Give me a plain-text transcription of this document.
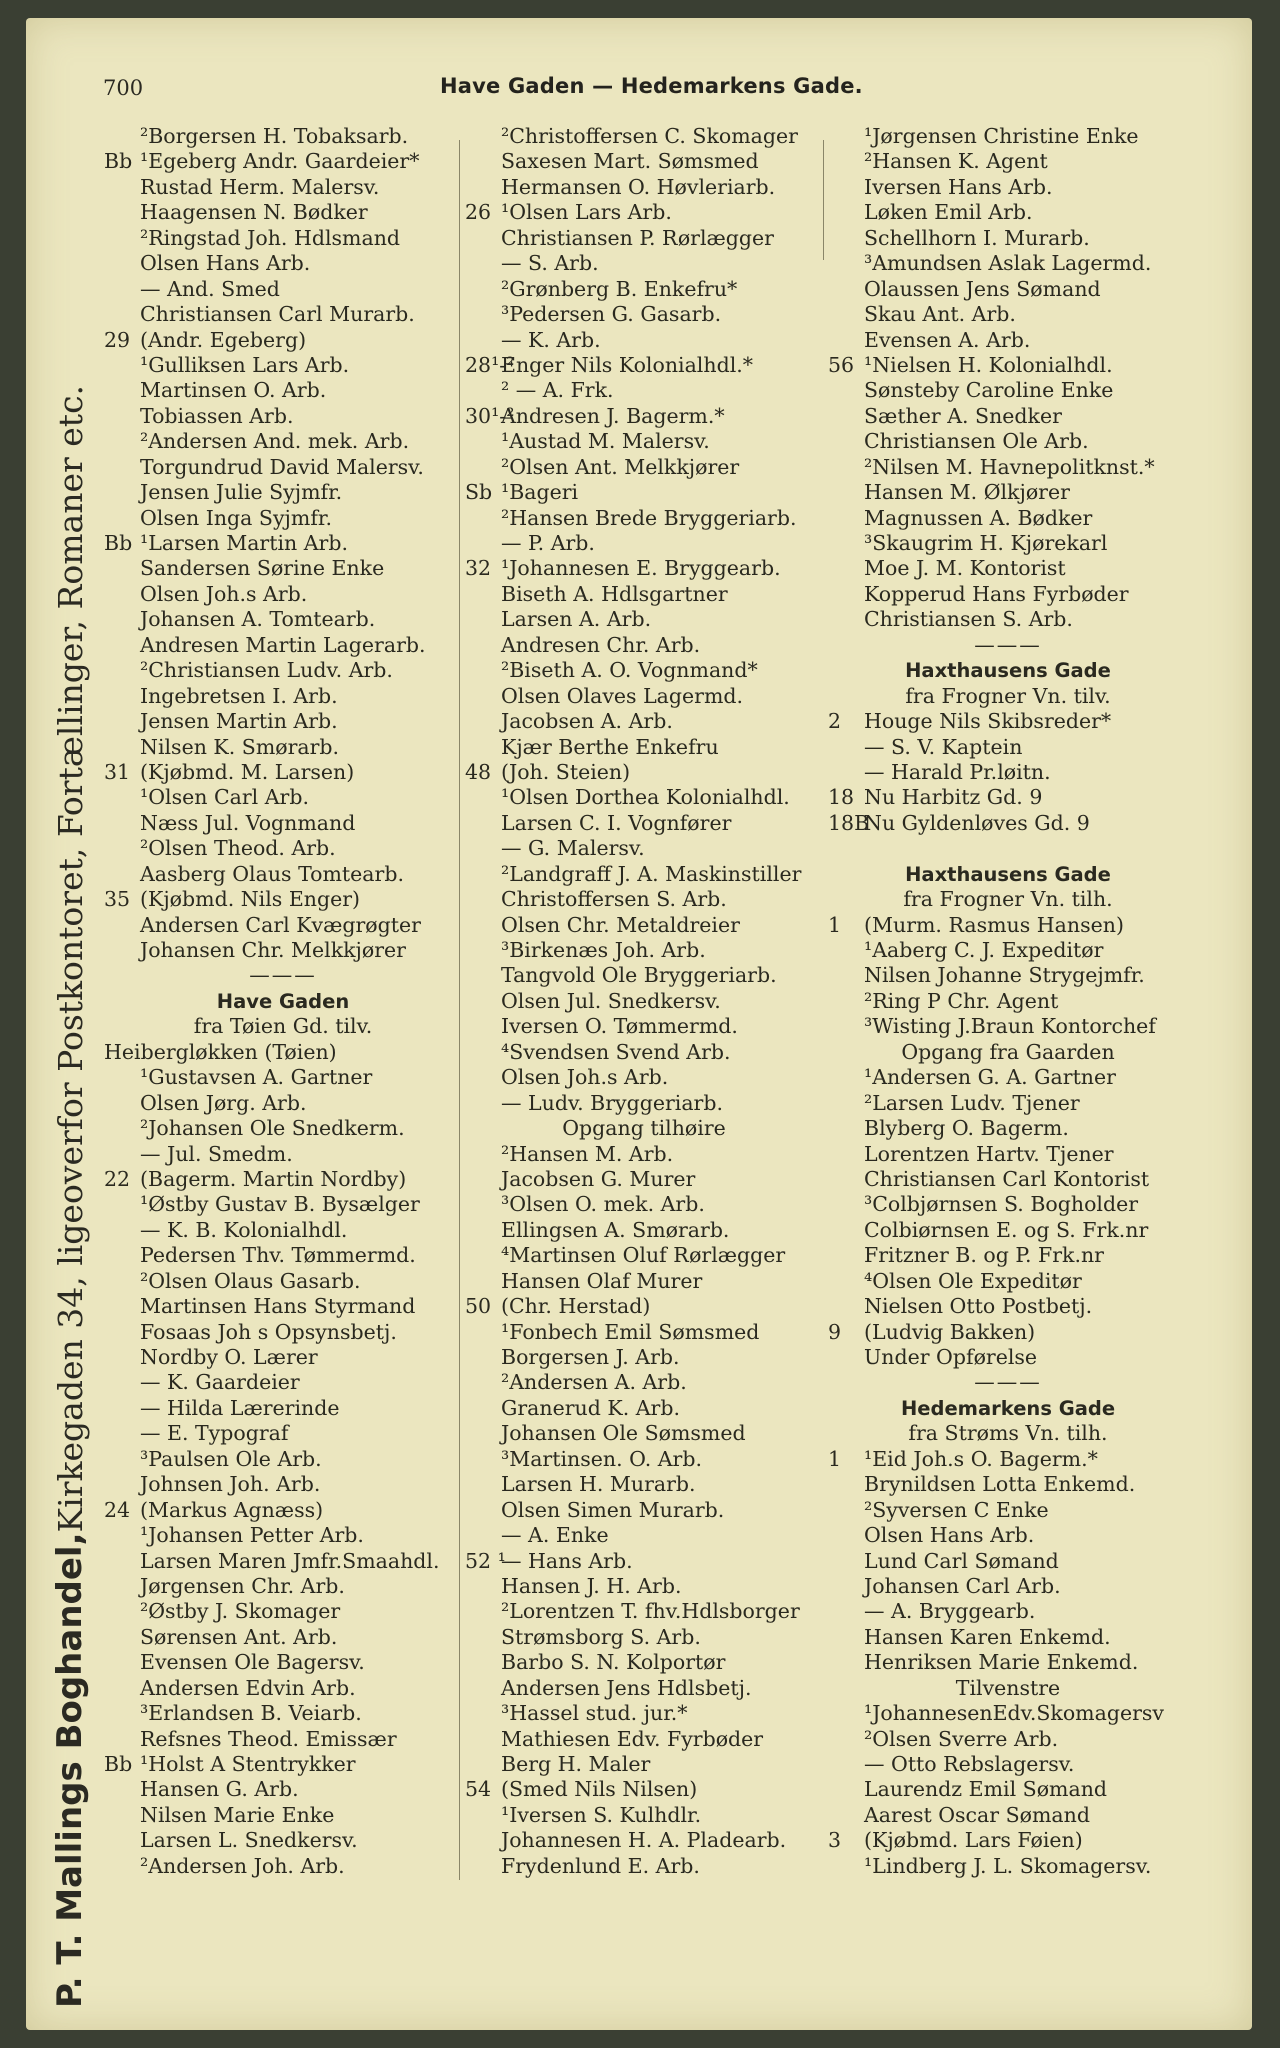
700	Have Gaden — Hedemarkens Gade.
P. T. Mallings Boghandel,
Kirkegaden 34, ligeoverfor Postkontoret, Fortællinger, Romaner etc.
²Borgersen H. Tobaksarb.
Bb ¹Egeberg Andr. Gaardeier*
Rustad Herm. Malersv.
Haagensen N. Bødker
²Ringstad Joh. Hdlsmand
Olsen Hans Arb.
— And. Smed
Christiansen Carl Murarb.
29 (Andr. Egeberg)
¹Gulliksen Lars Arb.
Martinsen O. Arb.
Tobiassen Arb.
²Andersen And. mek. Arb.
Torgundrud David Malersv.
Jensen Julie Syjmfr.
Olsen Inga Syjmfr.
Bb ¹Larsen Martin Arb.
Sandersen Sørine Enke
Olsen Joh.s Arb.
Johansen A. Tomtearb.
Andresen Martin Lagerarb.
²Christiansen Ludv. Arb.
Ingebretsen I. Arb.
Jensen Martin Arb.
Nilsen K. Smørarb.
31 (Kjøbmd. M. Larsen)
¹Olsen Carl Arb.
Næss Jul. Vognmand
²Olsen Theod. Arb.
Aasberg Olaus Tomtearb.
35 (Kjøbmd. Nils Enger)
Andersen Carl Kvægrøgter
Johansen Chr. Melkkjører
———
Have Gaden
fra Tøien Gd. tilv.
Heibergløkken (Tøien)
¹Gustavsen A. Gartner
Olsen Jørg. Arb.
²Johansen Ole Snedkerm.
— Jul. Smedm.
22 (Bagerm. Martin Nordby)
¹Østby Gustav B. Bysælger
— K. B. Kolonialhdl.
Pedersen Thv. Tømmermd.
²Olsen Olaus Gasarb.
Martinsen Hans Styrmand
Fosaas Joh s Opsynsbetj.
Nordby O. Lærer
— K. Gaardeier
— Hilda Lærerinde
— E. Typograf
³Paulsen Ole Arb.
Johnsen Joh. Arb.
24 (Markus Agnæss)
¹Johansen Petter Arb.
Larsen Maren Jmfr.Smaahdl.
Jørgensen Chr. Arb.
²Østby J. Skomager
Sørensen Ant. Arb.
Evensen Ole Bagersv.
Andersen Edvin Arb.
³Erlandsen B. Veiarb.
Refsnes Theod. Emissær
Bb ¹Holst A Stentrykker
Hansen G. Arb.
Nilsen Marie Enke
Larsen L. Snedkersv.
²Andersen Joh. Arb.
²Christoffersen C. Skomager
Saxesen Mart. Sømsmed
Hermansen O. Høvleriarb.
26 ¹Olsen Lars Arb.
Christiansen P. Rørlægger
— S. Arb.
²Grønberg B. Enkefru*
³Pedersen G. Gasarb.
— K. Arb.
28¹-²Enger Nils Kolonialhdl.*
² — A. Frk.
30¹-²Andresen J. Bagerm.*
¹Austad M. Malersv.
²Olsen Ant. Melkkjører
Sb ¹Bageri
²Hansen Brede Bryggeriarb.
— P. Arb.
32 ¹Johannesen E. Bryggearb.
Biseth A. Hdlsgartner
Larsen A. Arb.
Andresen Chr. Arb.
²Biseth A. O. Vognmand*
Olsen Olaves Lagermd.
Jacobsen A. Arb.
Kjær Berthe Enkefru
48 (Joh. Steien)
¹Olsen Dorthea Kolonialhdl.
Larsen C. I. Vognfører
— G. Malersv.
²Landgraff J. A. Maskinstiller
Christoffersen S. Arb.
Olsen Chr. Metaldreier
³Birkenæs Joh. Arb.
Tangvold Ole Bryggeriarb.
Olsen Jul. Snedkersv.
Iversen O. Tømmermd.
⁴Svendsen Svend Arb.
Olsen Joh.s Arb.
— Ludv. Bryggeriarb.
Opgang tilhøire
²Hansen M. Arb.
Jacobsen G. Murer
³Olsen O. mek. Arb.
Ellingsen A. Smørarb.
⁴Martinsen Oluf Rørlægger
Hansen Olaf Murer
50 (Chr. Herstad)
¹Fonbech Emil Sømsmed
Borgersen J. Arb.
²Andersen A. Arb.
Granerud K. Arb.
Johansen Ole Sømsmed
³Martinsen. O. Arb.
Larsen H. Murarb.
Olsen Simen Murarb.
— A. Enke
52 ¹— Hans Arb.
Hansen J. H. Arb.
²Lorentzen T. fhv.Hdlsborger
Strømsborg S. Arb.
Barbo S. N. Kolportør
Andersen Jens Hdlsbetj.
³Hassel stud. jur.*
Mathiesen Edv. Fyrbøder
Berg H. Maler
54 (Smed Nils Nilsen)
¹Iversen S. Kulhdlr.
Johannesen H. A. Pladearb.
Frydenlund E. Arb.
¹Jørgensen Christine Enke
²Hansen K. Agent
Iversen Hans Arb.
Løken Emil Arb.
Schellhorn I. Murarb.
³Amundsen Aslak Lagermd.
Olaussen Jens Sømand
Skau Ant. Arb.
Evensen A. Arb.
56 ¹Nielsen H. Kolonialhdl.
Sønsteby Caroline Enke
Sæther A. Snedker
Christiansen Ole Arb.
²Nilsen M. Havnepolitknst.*
Hansen M. Ølkjører
Magnussen A. Bødker
³Skaugrim H. Kjørekarl
Moe J. M. Kontorist
Kopperud Hans Fyrbøder
Christiansen S. Arb.
———
Haxthausens Gade
fra Frogner Vn. tilv.
2 Houge Nils Skibsreder*
— S. V. Kaptein
— Harald Pr.løitn.
18 Nu Harbitz Gd. 9
18BNu Gyldenløves Gd. 9
Haxthausens Gade
fra Frogner Vn. tilh.
1 (Murm. Rasmus Hansen)
¹Aaberg C. J. Expeditør
Nilsen Johanne Strygejmfr.
²Ring P Chr. Agent
³Wisting J.Braun Kontorchef
Opgang fra Gaarden
¹Andersen G. A. Gartner
²Larsen Ludv. Tjener
Blyberg O. Bagerm.
Lorentzen Hartv. Tjener
Christiansen Carl Kontorist
³Colbjørnsen S. Bogholder
Colbiørnsen E. og S. Frk.nr
Fritzner B. og P. Frk.nr
⁴Olsen Ole Expeditør
Nielsen Otto Postbetj.
9 (Ludvig Bakken)
Under Opførelse
———
Hedemarkens Gade
fra Strøms Vn. tilh.
1 ¹Eid Joh.s O. Bagerm.*
Brynildsen Lotta Enkemd.
²Syversen C Enke
Olsen Hans Arb.
Lund Carl Sømand
Johansen Carl Arb.
— A. Bryggearb.
Hansen Karen Enkemd.
Henriksen Marie Enkemd.
Tilvenstre
¹JohannesenEdv.Skomagersv
²Olsen Sverre Arb.
— Otto Rebslagersv.
Laurendz Emil Sømand
Aarest Oscar Sømand
3 (Kjøbmd. Lars Føien)
¹Lindberg J. L. Skomagersv.
